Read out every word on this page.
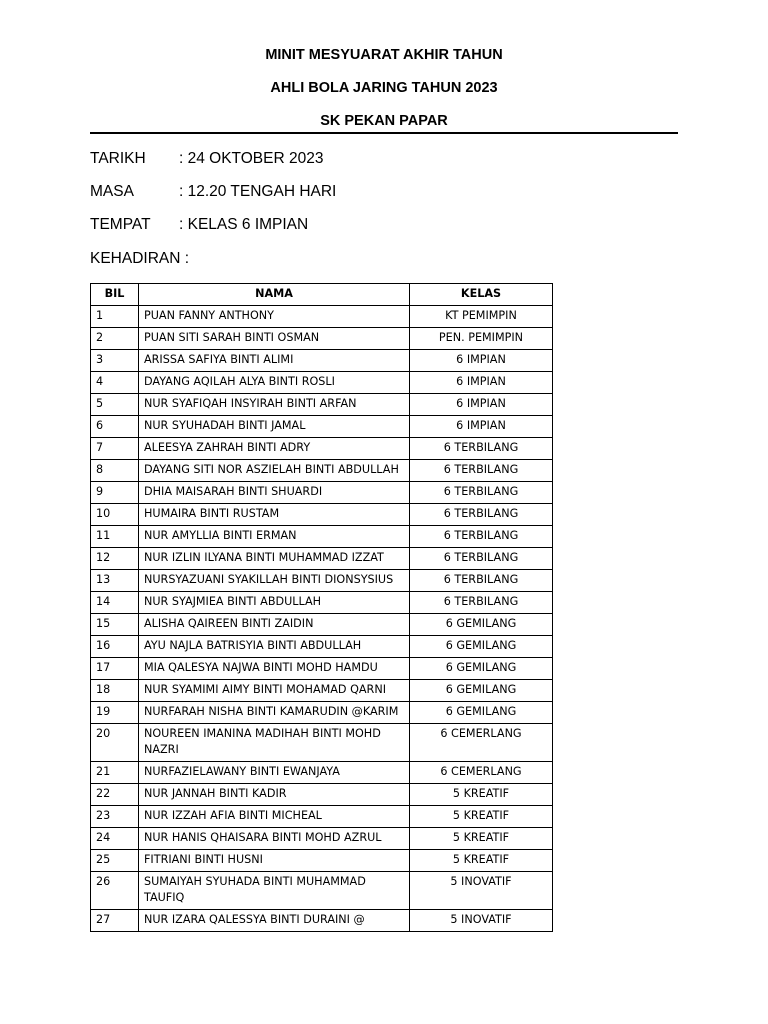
MINIT MESYUARAT AKHIR TAHUN
AHLI BOLA JARING TAHUN 2023
SK PEKAN PAPAR
TARIKH : 24 OKTOBER 2023
MASA	: 12.20 TENGAH HARI
TEMPAT : KELAS 6 IMPIAN
KEHADIRAN :
BIL	NAMA	KELAS
1	PUAN FANNY ANTHONY	KT PEMIMPIN
2	PUAN SITI SARAH BINTI OSMAN	PEN. PEMIMPIN
3	ARISSA SAFIYA BINTI ALIMI	6 IMPIAN
4	DAYANG AQILAH ALYA BINTI ROSLI	6 IMPIAN
5	NUR SYAFIQAH INSYIRAH BINTI ARFAN	6 IMPIAN
6	NUR SYUHADAH BINTI JAMAL	6 IMPIAN
7	ALEESYA ZAHRAH BINTI ADRY	6 TERBILANG
8	DAYANG SITI NOR ASZIELAH BINTI ABDULLAH	6 TERBILANG
9	DHIA MAISARAH BINTI SHUARDI	6 TERBILANG
10	HUMAIRA BINTI RUSTAM	6 TERBILANG
11	NUR AMYLLIA BINTI ERMAN	6 TERBILANG
12	NUR IZLIN ILYANA BINTI MUHAMMAD IZZAT	6 TERBILANG
13	NURSYAZUANI SYAKILLAH BINTI DIONSYSIUS	6 TERBILANG
14	NUR SYAJMIEA BINTI ABDULLAH	6 TERBILANG
15	ALISHA QAIREEN BINTI ZAIDIN	6 GEMILANG
16	AYU NAJLA BATRISYIA BINTI ABDULLAH	6 GEMILANG
17	MIA QALESYA NAJWA BINTI MOHD HAMDU	6 GEMILANG
18	NUR SYAMIMI AIMY BINTI MOHAMAD QARNI	6 GEMILANG
19	NURFARAH NISHA BINTI KAMARUDIN @KARIM	6 GEMILANG
20	NOUREEN IMANINA MADIHAH BINTI MOHD NAZRI	6 CEMERLANG
21	NURFAZIELAWANY BINTI EWANJAYA	6 CEMERLANG
22	NUR JANNAH BINTI KADIR	5 KREATIF
23	NUR IZZAH AFIA BINTI MICHEAL	5 KREATIF
24	NUR HANIS QHAISARA BINTI MOHD AZRUL	5 KREATIF
25	FITRIANI BINTI HUSNI	5 KREATIF
26	SUMAIYAH SYUHADA BINTI MUHAMMAD TAUFIQ	5 INOVATIF
27	NUR IZARA QALESSYA BINTI DURAINI @	5 INOVATIF
